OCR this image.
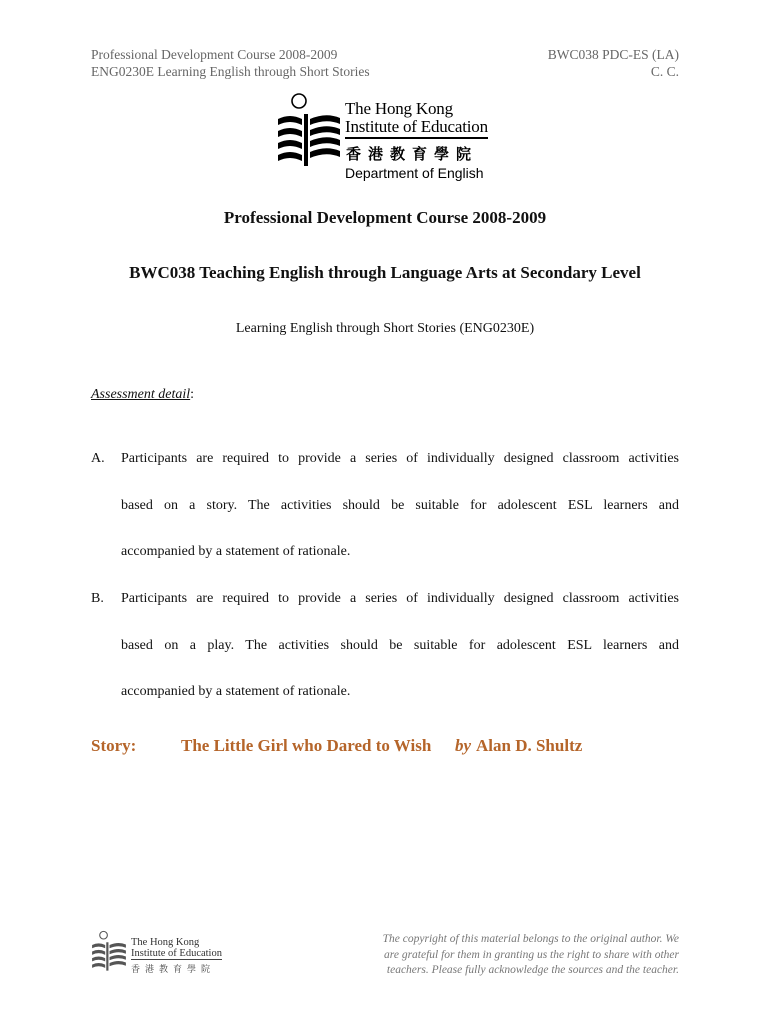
Professional Development Course 2008-2009
ENG0230E Learning English through Short Stories
BWC038 PDC-ES (LA)
C. C.
The Hong Kong
Institute of Education
香港教育學院
Department of English
Professional Development Course 2008-2009
BWC038 Teaching English through Language Arts at Secondary Level
Learning English through Short Stories (ENG0230E)
Assessment detail:
A. Participants are required to provide a series of individually designed classroom activities
based on a story. The activities should be suitable for adolescent ESL learners and
accompanied by a statement of rationale.
B. Participants are required to provide a series of individually designed classroom activities
based on a play. The activities should be suitable for adolescent ESL learners and
accompanied by a statement of rationale.
Story:	The Little Girl who Dared to Wish by Alan D. Shultz
The Hong Kong
Institute of Education
香港教育學院
The copyright of this material belongs to the original author. We
are grateful for them in granting us the right to share with other
teachers. Please fully acknowledge the sources and the teacher.
